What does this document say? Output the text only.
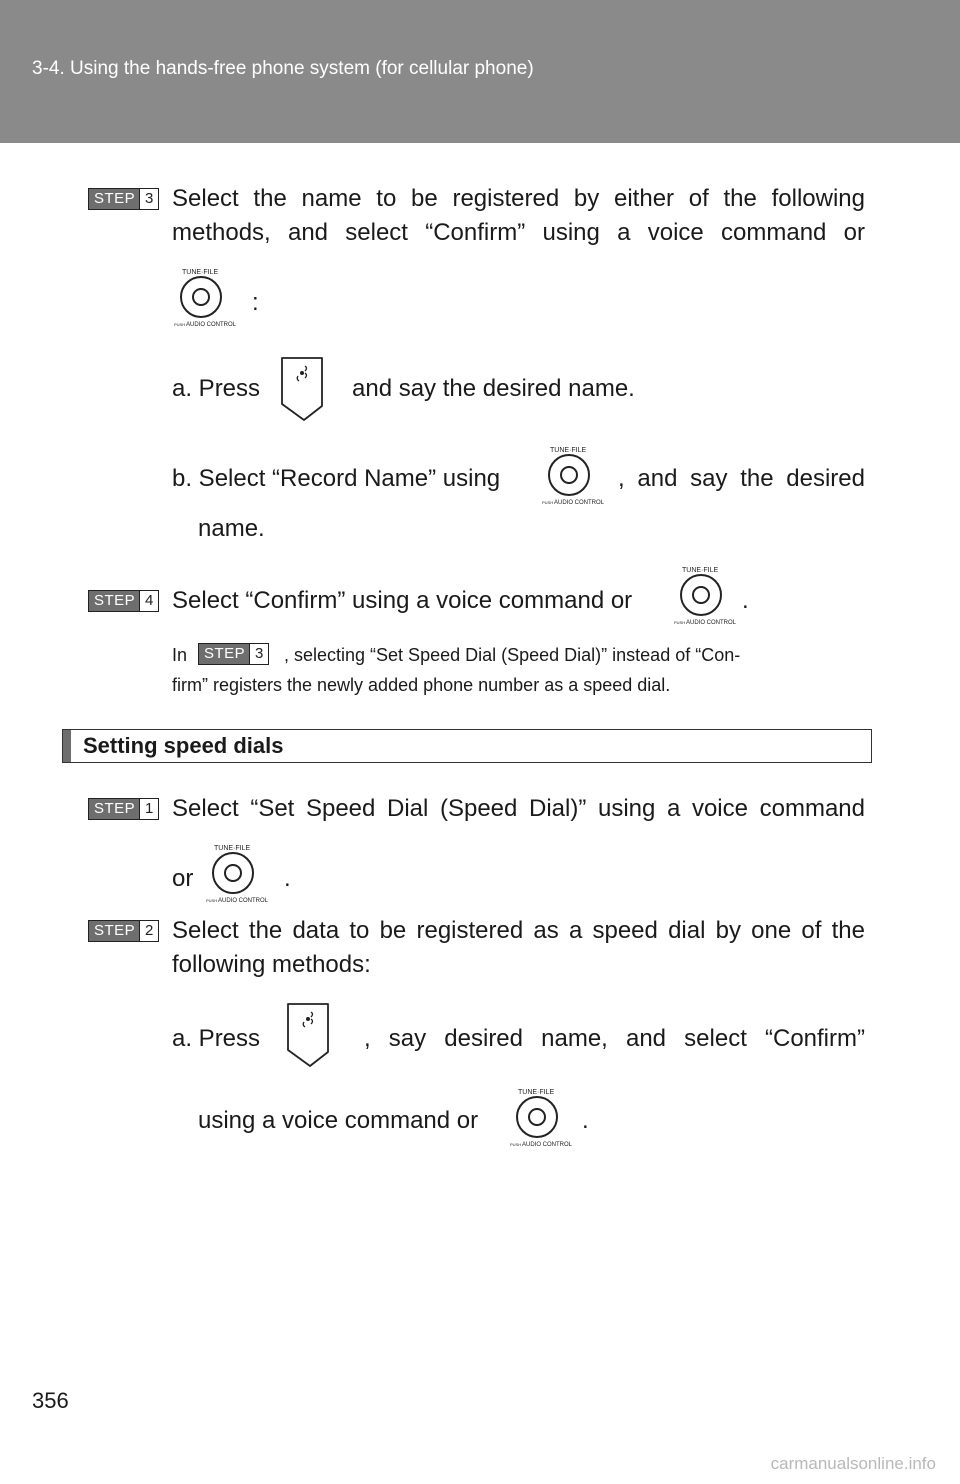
3-4. Using the hands-free phone system (for cellular phone)
STEP 3 Select the name to be registered by either of the following
methods, and select “Confirm” using a voice command or
TUNE·FILE
PUSH AUDIO CONTROL
:
a. Press	and say the desired name.
b. Select “Record Name” using
TUNE·FILE
PUSH AUDIO CONTROL
, and say the desired
name.
STEP 4 Select “Confirm” using a voice command or
TUNE·FILE
PUSH AUDIO CONTROL
.
In	STEP 3 , selecting “Set Speed Dial (Speed Dial)” instead of “Con-
firm” registers the newly added phone number as a speed dial.
Setting speed dials
STEP 1 Select “Set Speed Dial (Speed Dial)” using a voice command
or
TUNE·FILE
PUSH AUDIO CONTROL
.
STEP 2 Select the data to be registered as a speed dial by one of the
following methods:
a. Press	, say desired name, and select “Confirm”
using a voice command or
TUNE·FILE
PUSH AUDIO CONTROL
.
356
carmanualsonline.info
